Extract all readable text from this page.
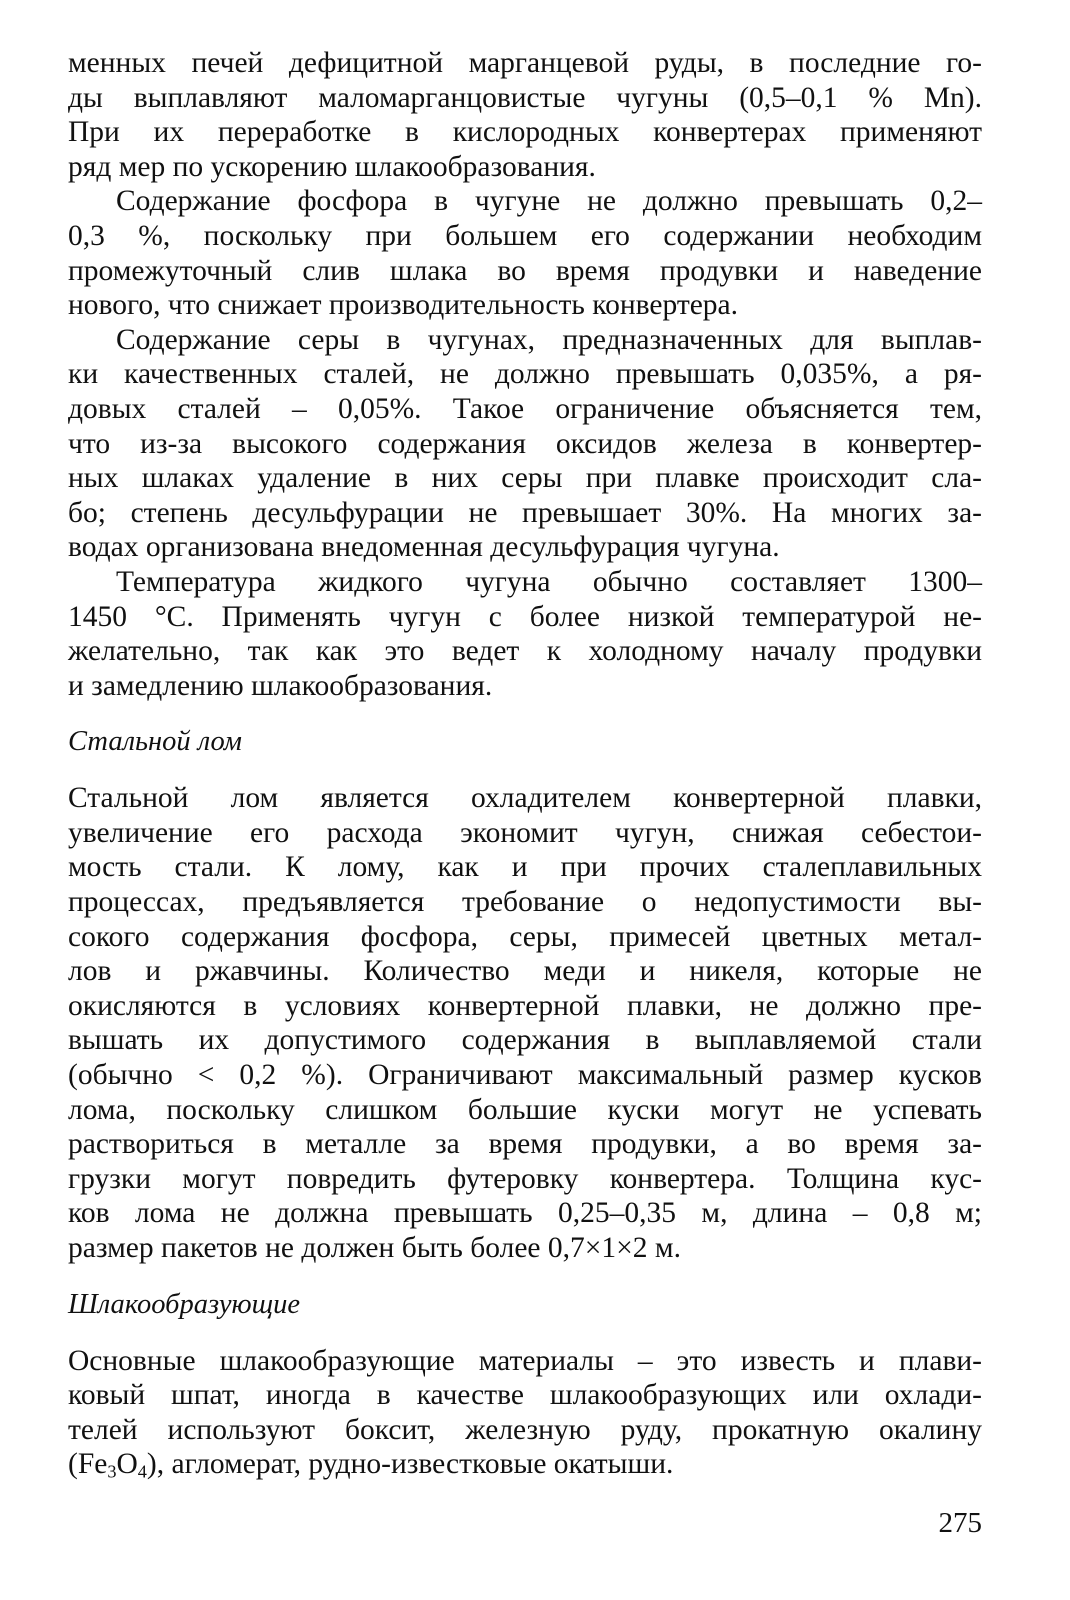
менных печей дефицитной марганцевой руды, в последние го-
ды выплавляют маломарганцовистые чугуны (0,5–0,1 % Mn).
При их переработке в кислородных конвертерах применяют
ряд мер по ускорению шлакообразования.
Содержание фосфора в чугуне не должно превышать 0,2–
0,3 %, поскольку при большем его содержании необходим
промежуточный слив шлака во время продувки и наведение
нового, что снижает производительность конвертера.
Содержание серы в чугунах, предназначенных для выплав-
ки качественных сталей, не должно превышать 0,035%, а ря-
довых сталей – 0,05%. Такое ограничение объясняется тем,
что из-за высокого содержания оксидов железа в конвертер-
ных шлаках удаление в них серы при плавке происходит сла-
бо; степень десульфурации не превышает 30%. На многих за-
водах организована внедоменная десульфурация чугуна.
Температура жидкого чугуна обычно составляет 1300–
1450 °С. Применять чугун с более низкой температурой не-
желательно, так как это ведет к холодному началу продувки
и замедлению шлакообразования.
Стальной лом
Стальной лом является охладителем конвертерной плавки,
увеличение его расхода экономит чугун, снижая себестои-
мость стали. К лому, как и при прочих сталеплавильных
процессах, предъявляется требование о недопустимости вы-
сокого содержания фосфора, серы, примесей цветных метал-
лов и ржавчины. Количество меди и никеля, которые не
окисляются в условиях конвертерной плавки, не должно пре-
вышать их допустимого содержания в выплавляемой стали
(обычно < 0,2 %). Ограничивают максимальный размер кусков
лома, поскольку слишком большие куски могут не успевать
раствориться в металле за время продувки, а во время за-
грузки могут повредить футеровку конвертера. Толщина кус-
ков лома не должна превышать 0,25–0,35 м, длина – 0,8 м;
размер пакетов не должен быть более 0,7×1×2 м.
Шлакообразующие
Основные шлакообразующие материалы – это известь и плави-
ковый шпат, иногда в качестве шлакообразующих или охлади-
телей используют боксит, железную руду, прокатную окалину
$(Fe_3O_4)$, агломерат, рудно-известковые окатыши.
275
